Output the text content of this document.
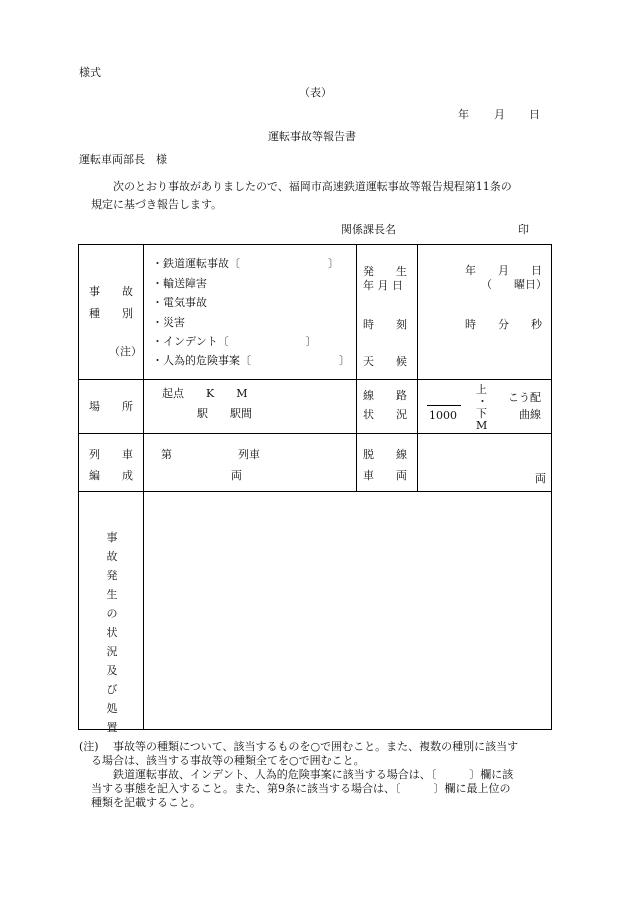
様式
（表）
年 月 日
運転事故等報告書
運転車両部長　様
次のとおり事故がありましたので、福岡市高速鉄道運転事故等報告規程第11条の
規定に基づき報告します。
関係課長名	印
事　　故
種　　別
（注）
・鉄道運転事故〔　　　　　　　　〕
・輸送障害
・電気事故
・災害
・インデント〔　　　　　　　〕
・人為的危険事案〔　　　　　　　　〕
発　　生
年 月 日
時　　刻
天　　候
年　　月　　日
（　　曜日）
時　　分　　秒
場　　所
起点　　K　　M
駅　　駅間
線　　路
状　　況
上
・
下
M
1000
こう配
曲線
列　　車
編　　成
第　　　　　　列車
両
脱　　線
車　　両	両
事
故
発
生
の
状
況
及
び
処
置
(注) 事故等の種類について、該当するものを○で囲むこと。また、複数の種別に該当す
る場合は、該当する事故等の種類全てを○で囲むこと。
鉄道運転事故、インデント、人為的危険事案に該当する場合は、〔　　　〕欄に該
当する事態を記入すること。また、第9条に該当する場合は、〔　　　〕欄に最上位の
種類を記載すること。
